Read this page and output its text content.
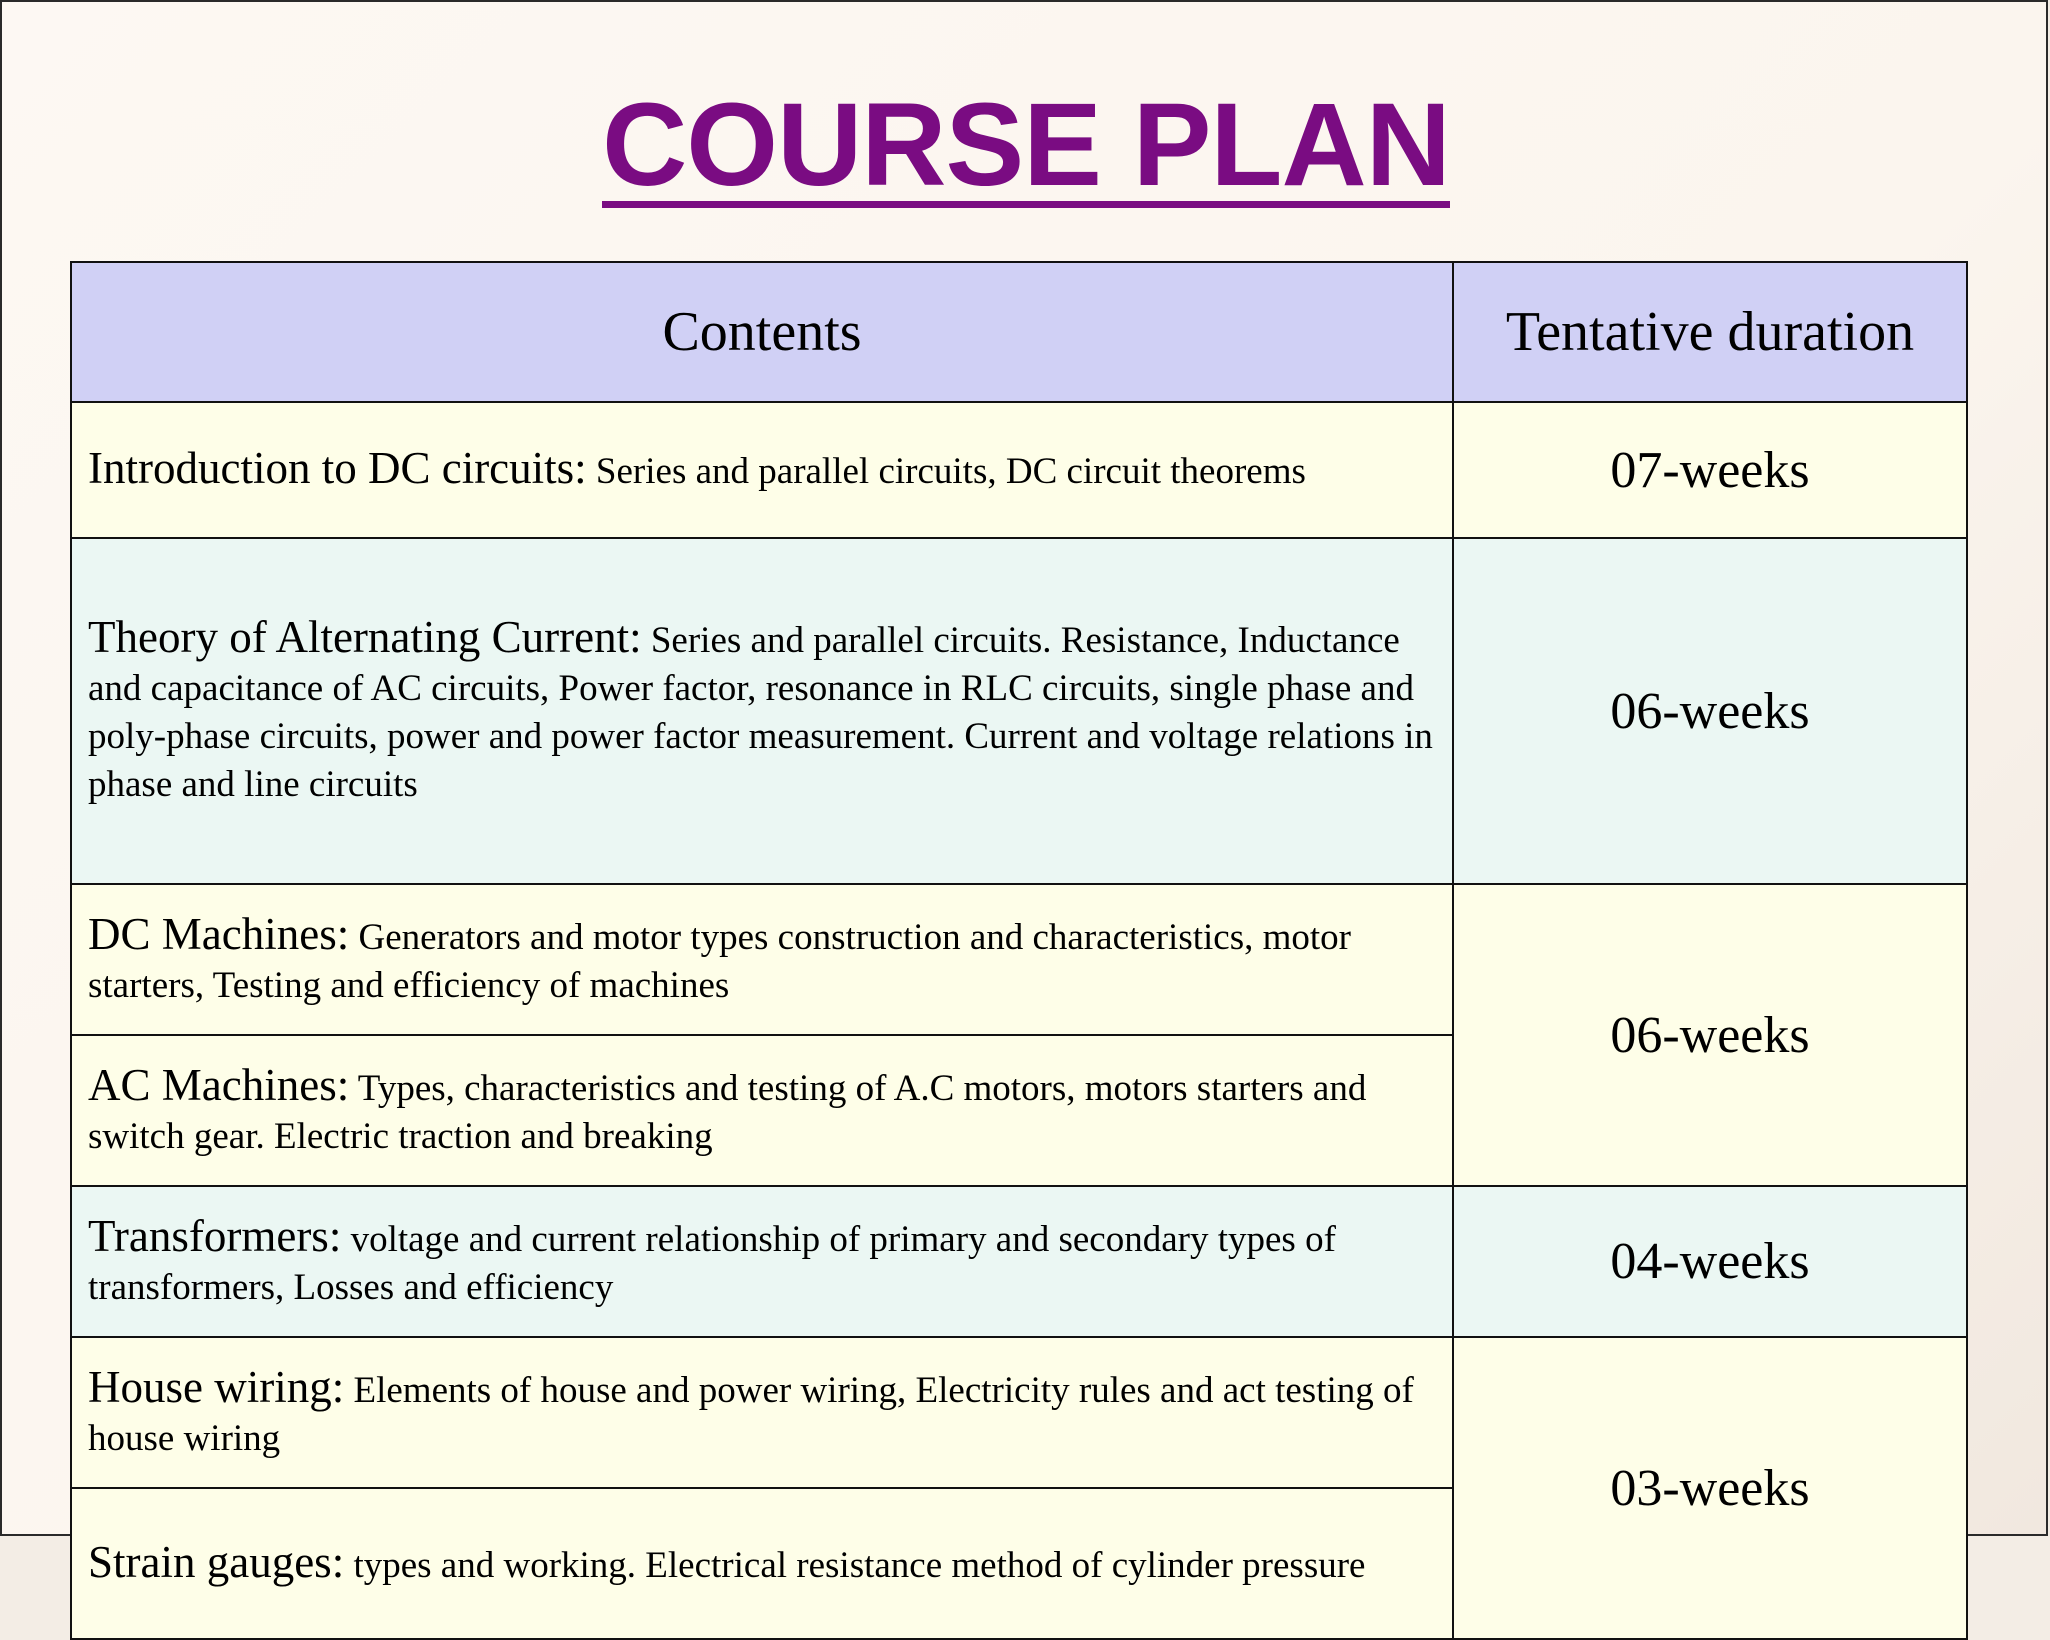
COURSE PLAN
Contents	Tentative duration
Introduction to DC circuits: Series and parallel circuits, DC circuit theorems	07-weeks
Theory of Alternating Current: Series and parallel circuits. Resistance, Inductance and capacitance of AC circuits, Power factor, resonance in RLC circuits, single phase and poly-phase circuits, power and power factor measurement. Current and voltage relations in phase and line circuits	06-weeks
DC Machines: Generators and motor types construction and characteristics, motor starters, Testing and efficiency of machines	06-weeks
AC Machines: Types, characteristics and testing of A.C motors, motors starters and switch gear. Electric traction and breaking	
Transformers: voltage and current relationship of primary and secondary types of transformers, Losses and efficiency	04-weeks
House wiring: Elements of house and power wiring, Electricity rules and act testing of house wiring	03-weeks
Strain gauges: types and working. Electrical resistance method of cylinder pressure	
